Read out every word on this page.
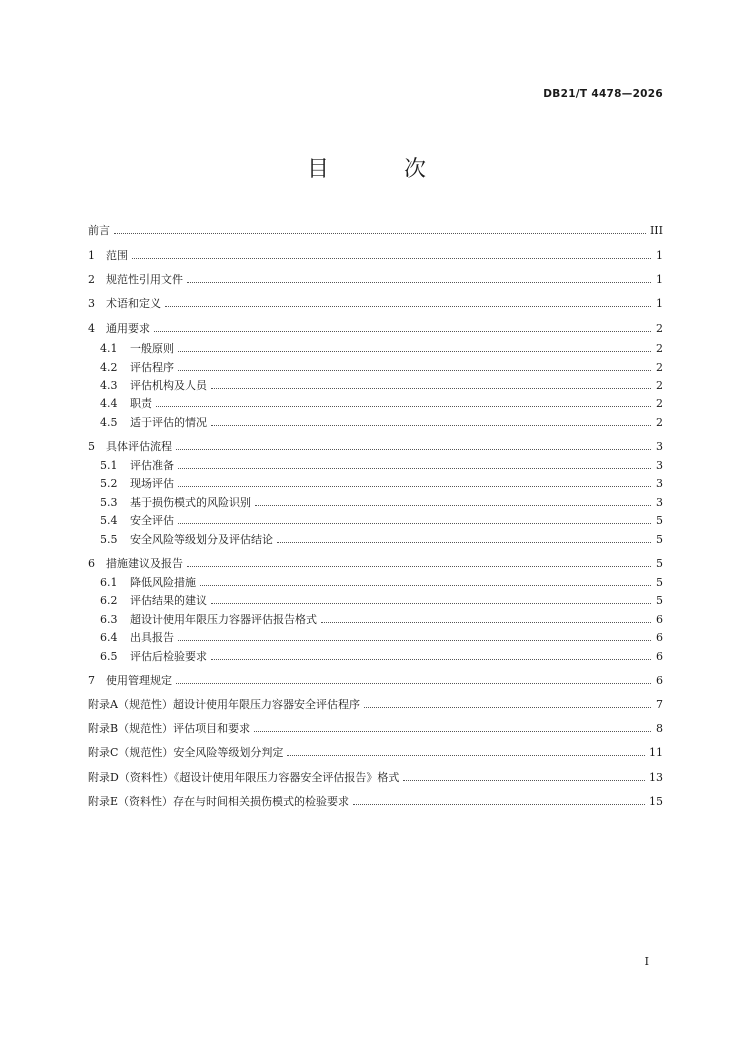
DB21/T 4478—2026
目 次
前言	III
1 范围	1
2 规范性引用文件	1
3 术语和定义	1
4 通用要求	2
4.1 一般原则	2
4.2 评估程序	2
4.3 评估机构及人员	2
4.4 职责	2
4.5 适于评估的情况	2
5 具体评估流程	3
5.1 评估准备	3
5.2 现场评估	3
5.3 基于损伤模式的风险识别	3
5.4 安全评估	5
5.5 安全风险等级划分及评估结论	5
6 措施建议及报告	5
6.1 降低风险措施	5
6.2 评估结果的建议	5
6.3 超设计使用年限压力容器评估报告格式	6
6.4 出具报告	6
6.5 评估后检验要求	6
7 使用管理规定	6
附录A（规范性）超设计使用年限压力容器安全评估程序	7
附录B（规范性）评估项目和要求	8
附录C（规范性）安全风险等级划分判定	11
附录D（资料性）《超设计使用年限压力容器安全评估报告》格式	13
附录E（资料性）存在与时间相关损伤模式的检验要求	15
I
